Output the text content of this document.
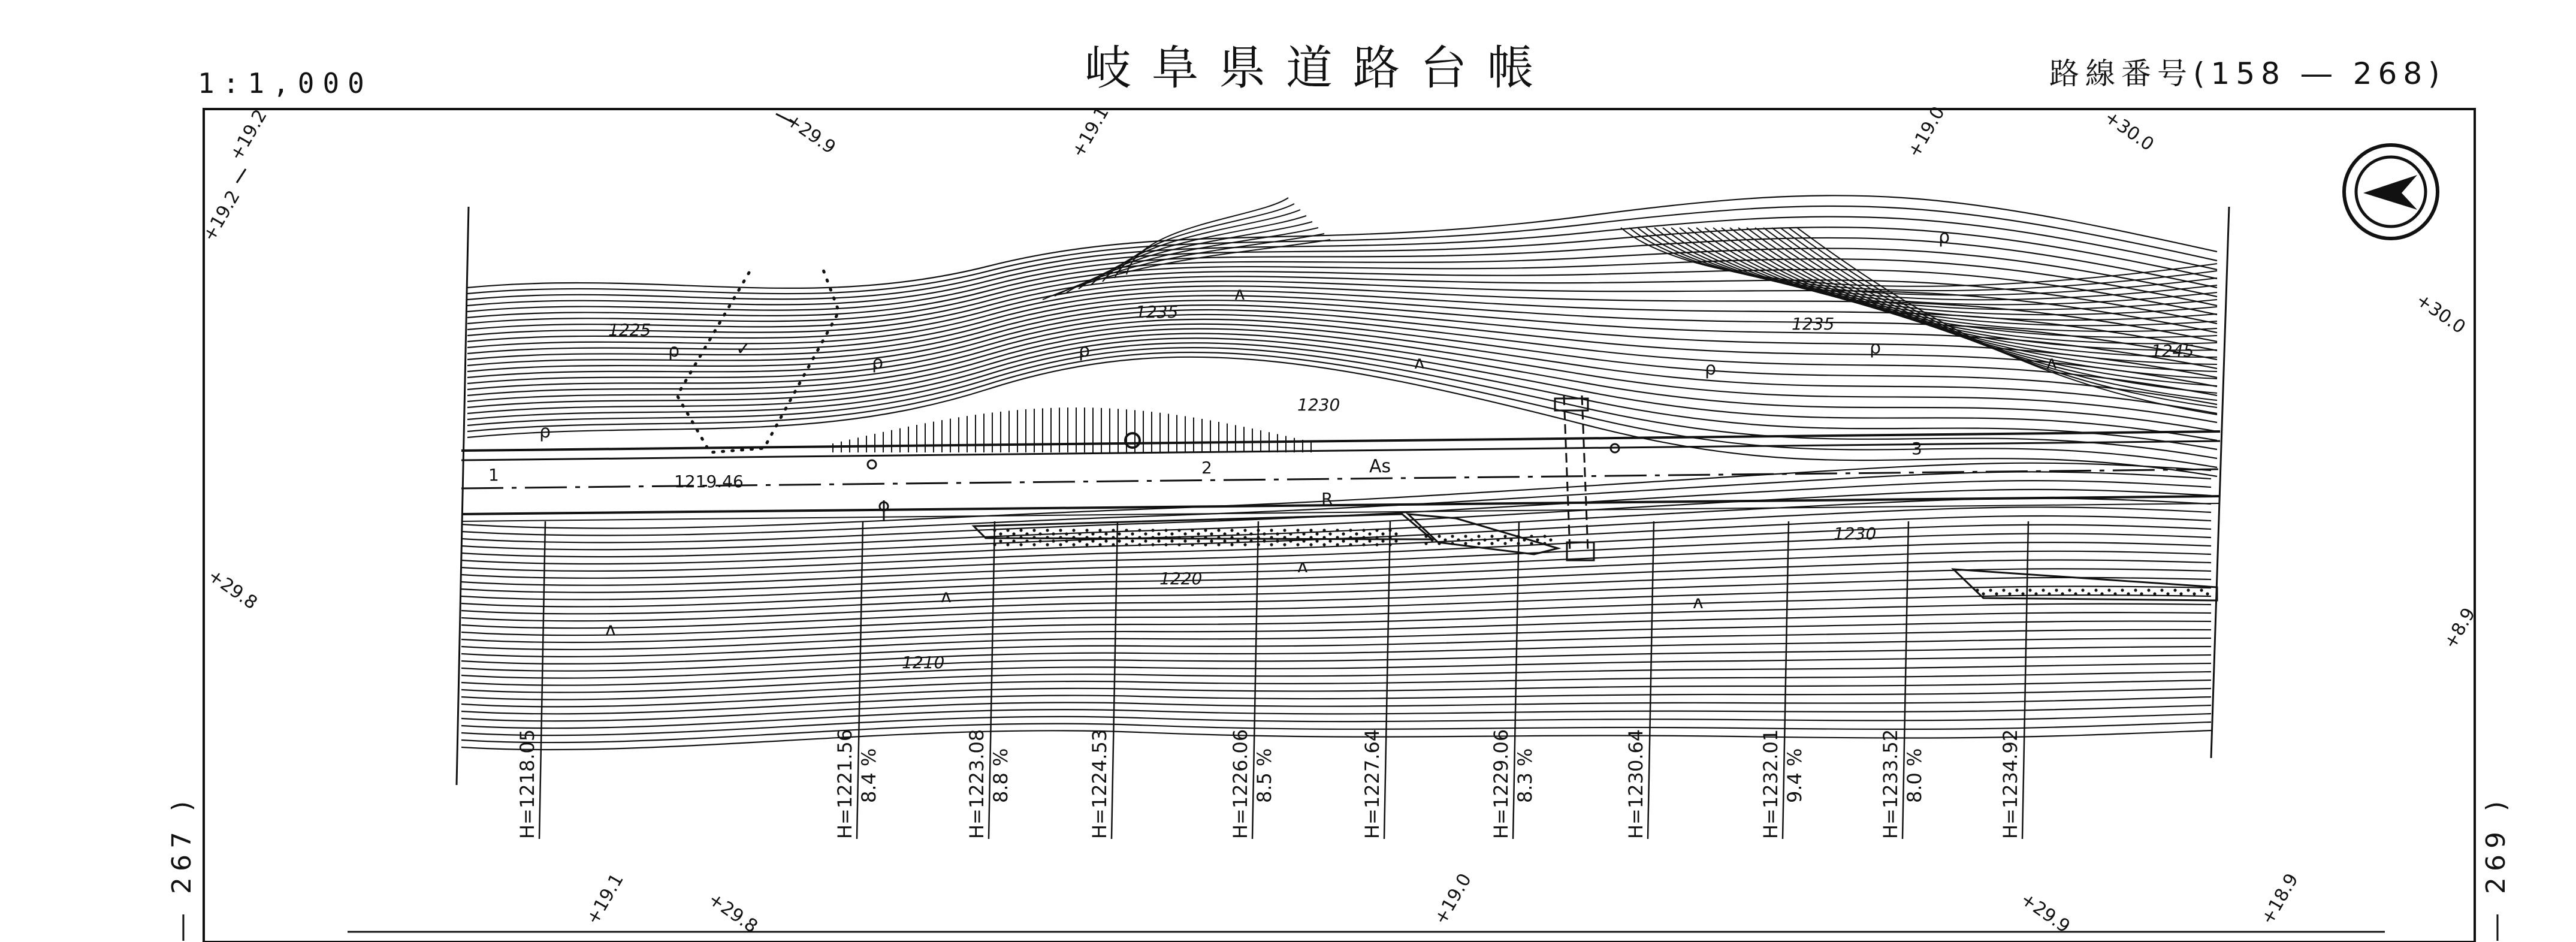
1:1,000	岐阜県道路台帳	路線番号(158 ― 268)
― 267 )	― 269 )
+19.2	+29.9	+19.1	+19.0	+30.0
+19.2
+30.0
+29.8
+8.9
+19.1	+29.8	+19.0	+29.9	+18.9
As
1	2
3
1219.46
R
1225
1235
1230
1235
1245
1230
1220
1210
ρ
ρ
ρ
ρ
ρ
ρ
ρ
ʌ
ʌ	ʌ
ʌ
ʌ
ʌ
ʌ
✓
H=1218.05	H=1221.56 8.4 %	H=1223.08 8.8 %	H=1224.53	H=1226.06 8.5 %	H=1227.64	H=1229.06 8.3 %	H=1230.64	H=1232.01 9.4 %	H=1233.52 8.0 %	H=1234.92
